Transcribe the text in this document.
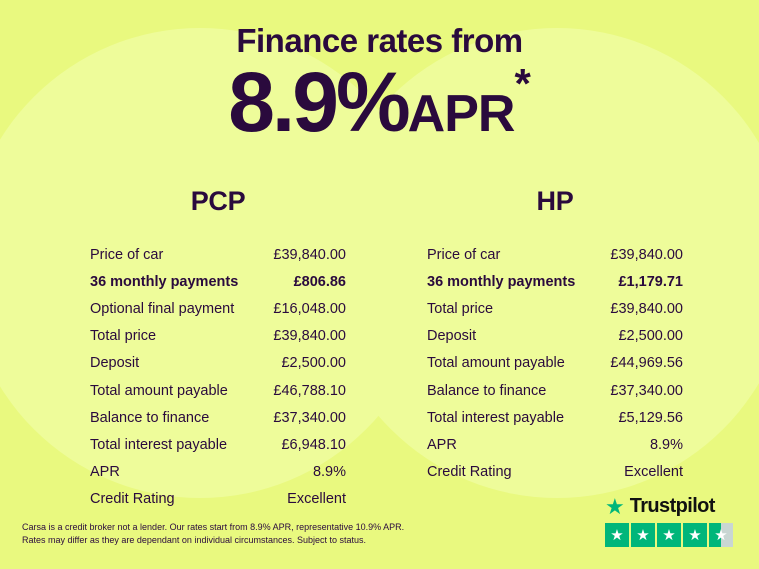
Finance rates from
8.9%APR*
PCP
Price of car	£39,840.00
36 monthly payments	£806.86
Optional final payment	£16,048.00
Total price	£39,840.00
Deposit	£2,500.00
Total amount payable	£46,788.10
Balance to finance	£37,340.00
Total interest payable	£6,948.10
APR	8.9%
Credit Rating	Excellent
HP
Price of car	£39,840.00
36 monthly payments	£1,179.71
Total price	£39,840.00
Deposit	£2,500.00
Total amount payable	£44,969.56
Balance to finance	£37,340.00
Total interest payable	£5,129.56
APR	8.9%
Credit Rating	Excellent
Carsa is a credit broker not a lender. Our rates start from 8.9% APR, representative 10.9% APR.
Rates may differ as they are dependant on individual circumstances. Subject to status.
★ Trustpilot
★ ★ ★ ★ ★
